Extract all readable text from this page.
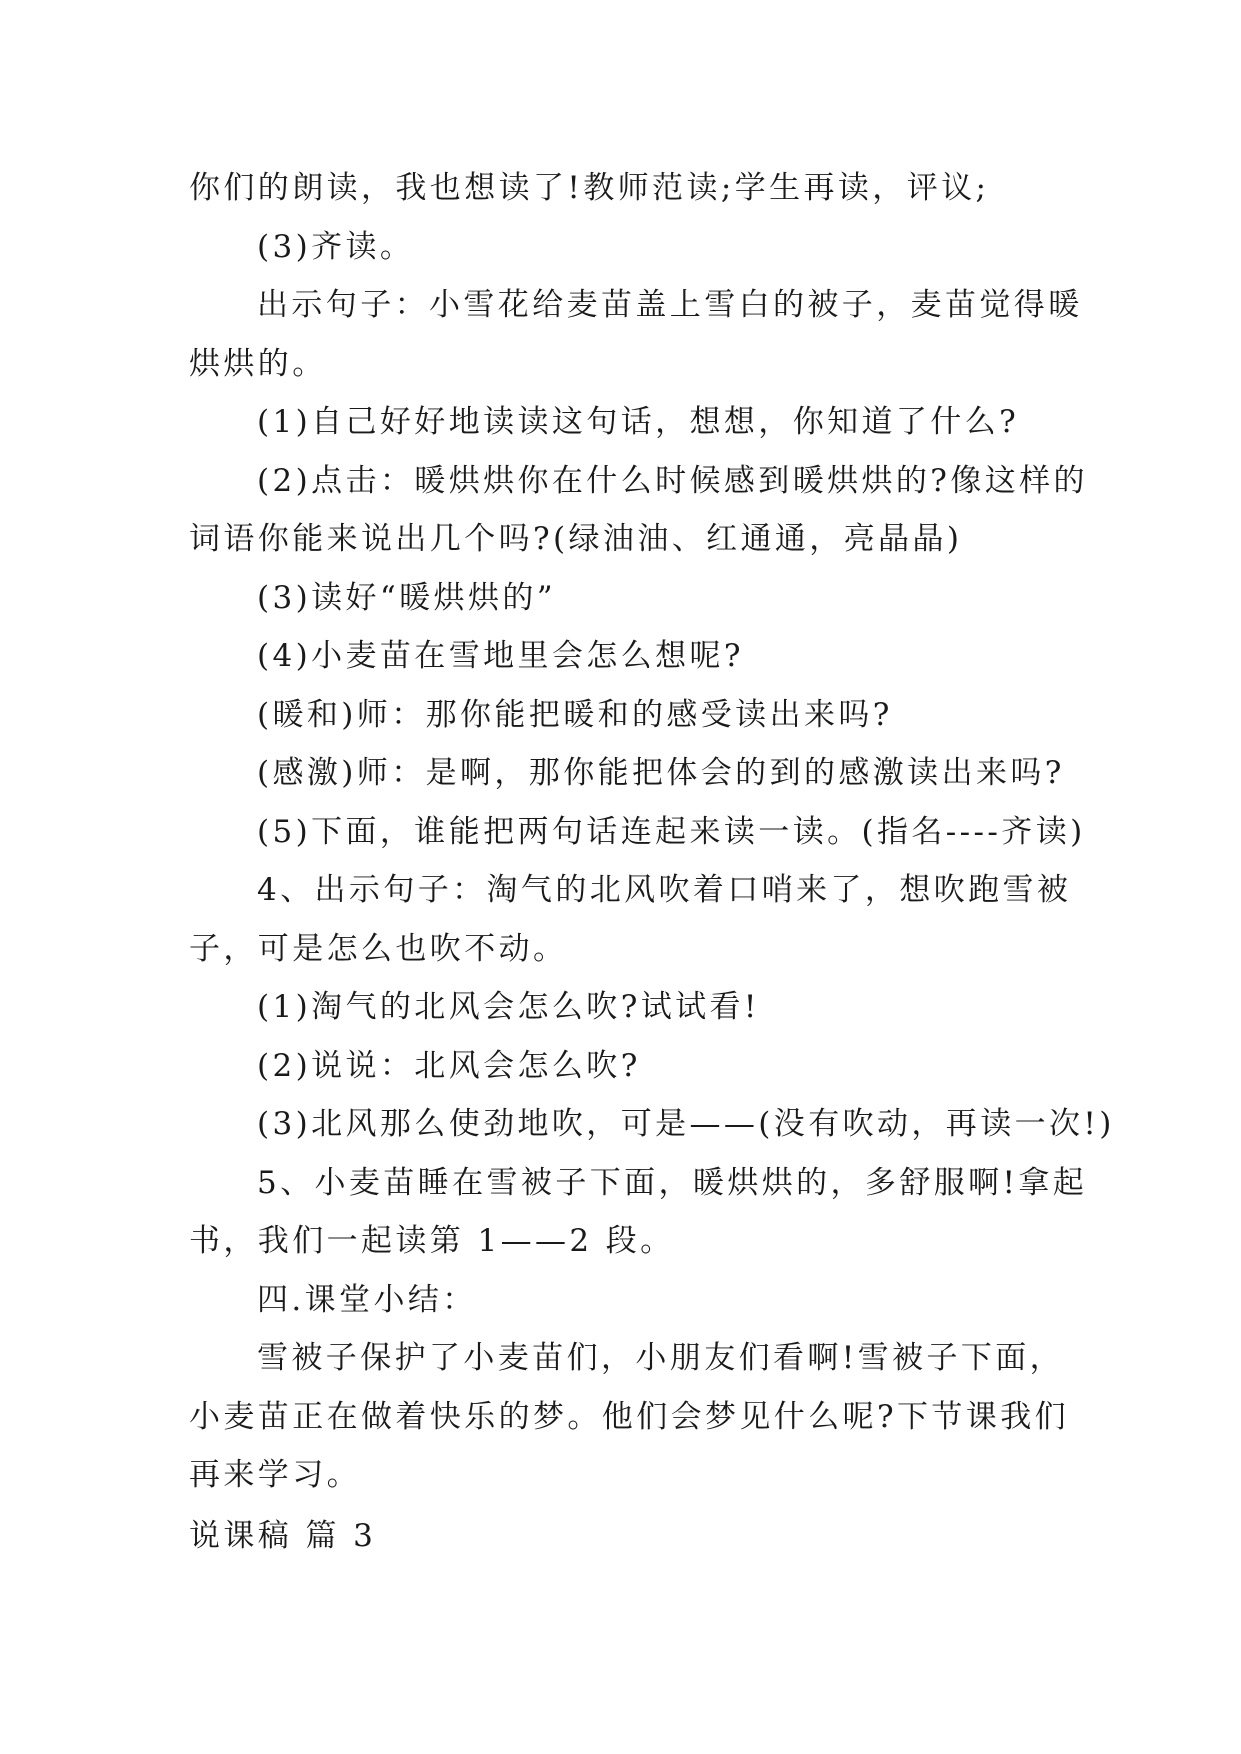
你们的朗读，我也想读了!教师范读;学生再读，评议;

(3)齐读。

出示句子：小雪花给麦苗盖上雪白的被子，麦苗觉得暖

烘烘的。

(1)自己好好地读读这句话，想想，你知道了什么?

(2)点击：暖烘烘你在什么时候感到暖烘烘的?像这样的

词语你能来说出几个吗?(绿油油、红通通，亮晶晶)

(3)读好“暖烘烘的”

(4)小麦苗在雪地里会怎么想呢?

(暖和)师：那你能把暖和的感受读出来吗?

(感激)师：是啊，那你能把体会的到的感激读出来吗?

(5)下面，谁能把两句话连起来读一读。(指名----齐读)

4、出示句子：淘气的北风吹着口哨来了，想吹跑雪被

子，可是怎么也吹不动。

(1)淘气的北风会怎么吹?试试看!

(2)说说：北风会怎么吹?

(3)北风那么使劲地吹，可是——(没有吹动，再读一次!)

5、小麦苗睡在雪被子下面，暖烘烘的，多舒服啊!拿起

书，我们一起读第 1——2 段。

四.课堂小结：

雪被子保护了小麦苗们，小朋友们看啊!雪被子下面，

小麦苗正在做着快乐的梦。他们会梦见什么呢?下节课我们

再来学习。

说课稿 篇 3
